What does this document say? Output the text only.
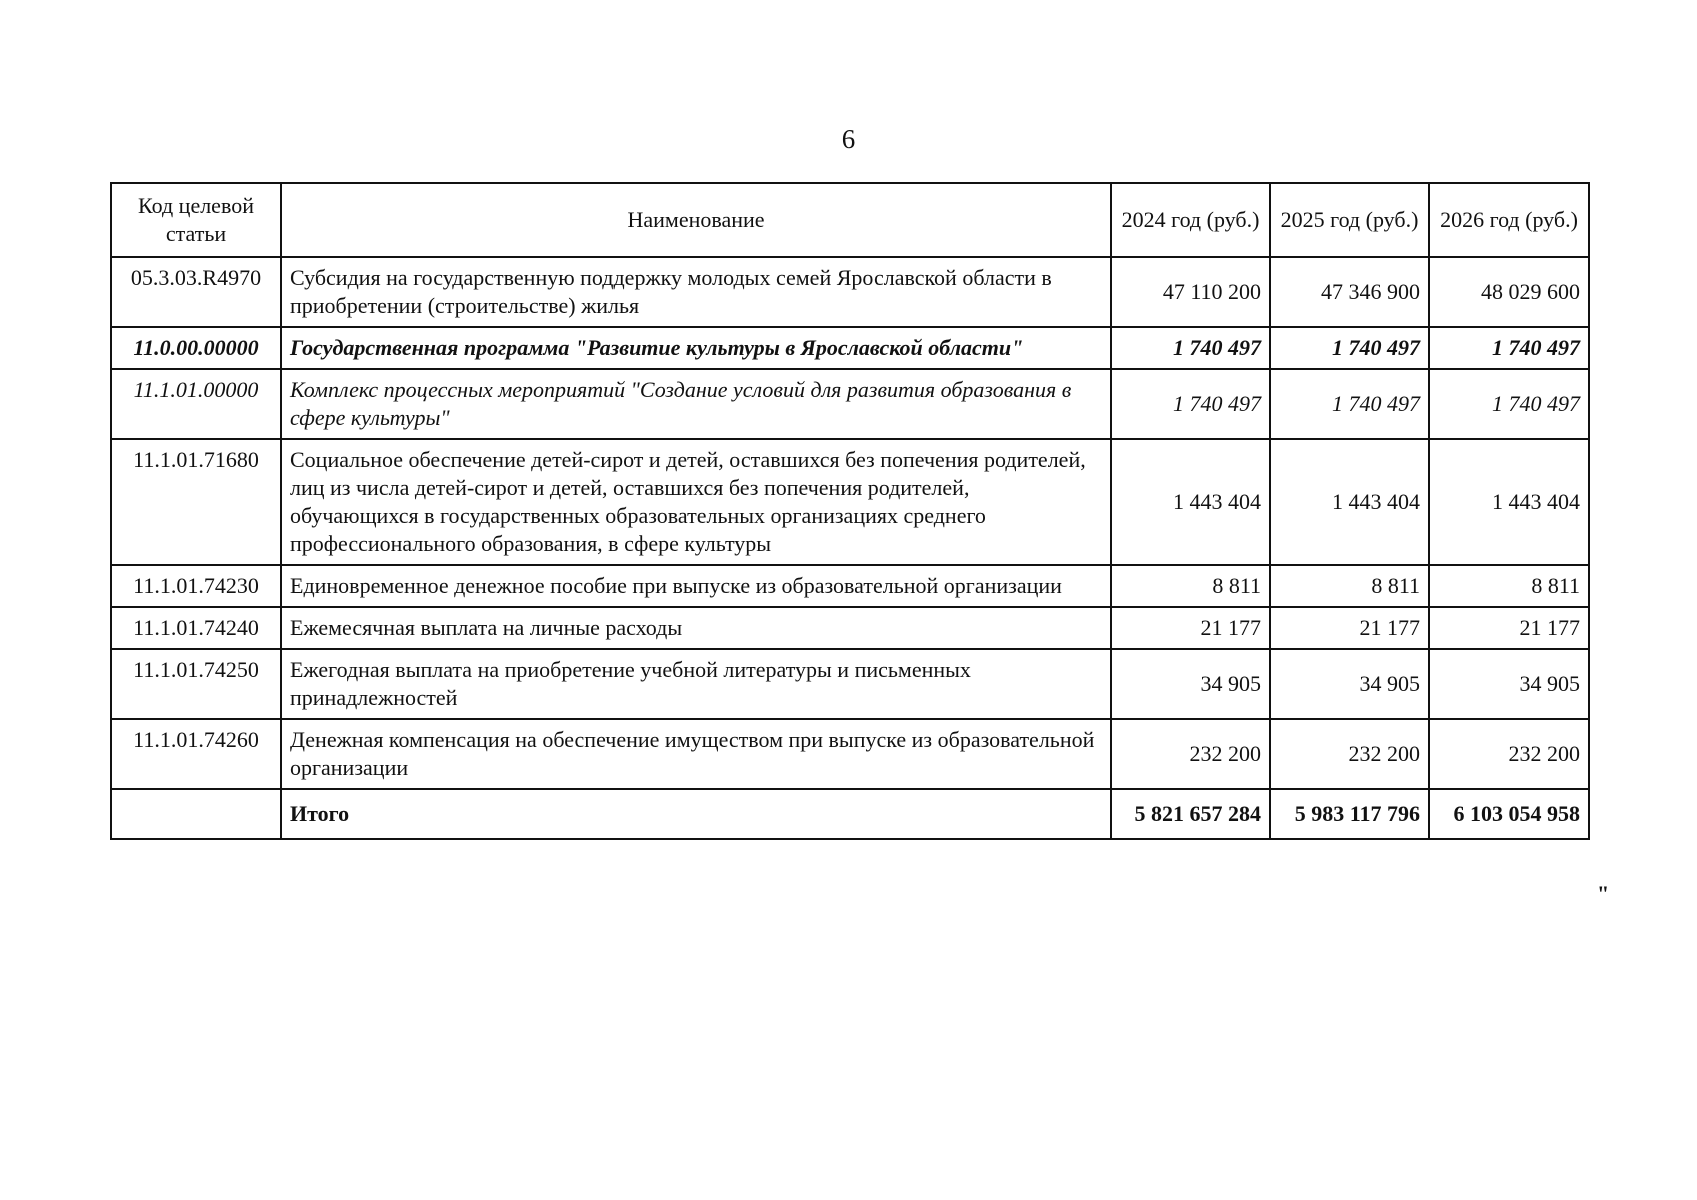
6
Код целевой статьи	Наименование	2024 год (руб.)	2025 год (руб.)	2026 год (руб.)
05.3.03.R4970	Субсидия на государственную поддержку молодых семей Ярославской области в приобретении (строительстве) жилья	47 110 200	47 346 900	48 029 600
11.0.00.00000	Государственная программа "Развитие культуры в Ярославской области"	1 740 497	1 740 497	1 740 497
11.1.01.00000	Комплекс процессных мероприятий "Создание условий для развития образования в сфере культуры"	1 740 497	1 740 497	1 740 497
11.1.01.71680	Социальное обеспечение детей-сирот и детей, оставшихся без попечения родителей, лиц из числа детей-сирот и детей, оставшихся без попечения родителей, обучающихся в государственных образовательных организациях среднего профессионального образования, в сфере культуры	1 443 404	1 443 404	1 443 404
11.1.01.74230	Единовременное денежное пособие при выпуске из образовательной организации	8 811	8 811	8 811
11.1.01.74240	Ежемесячная выплата на личные расходы	21 177	21 177	21 177
11.1.01.74250	Ежегодная выплата на приобретение учебной литературы и письменных принадлежностей	34 905	34 905	34 905
11.1.01.74260	Денежная компенсация на обеспечение имуществом при выпуске из образовательной организации	232 200	232 200	232 200
	Итого	5 821 657 284	5 983 117 796	6 103 054 958
"
